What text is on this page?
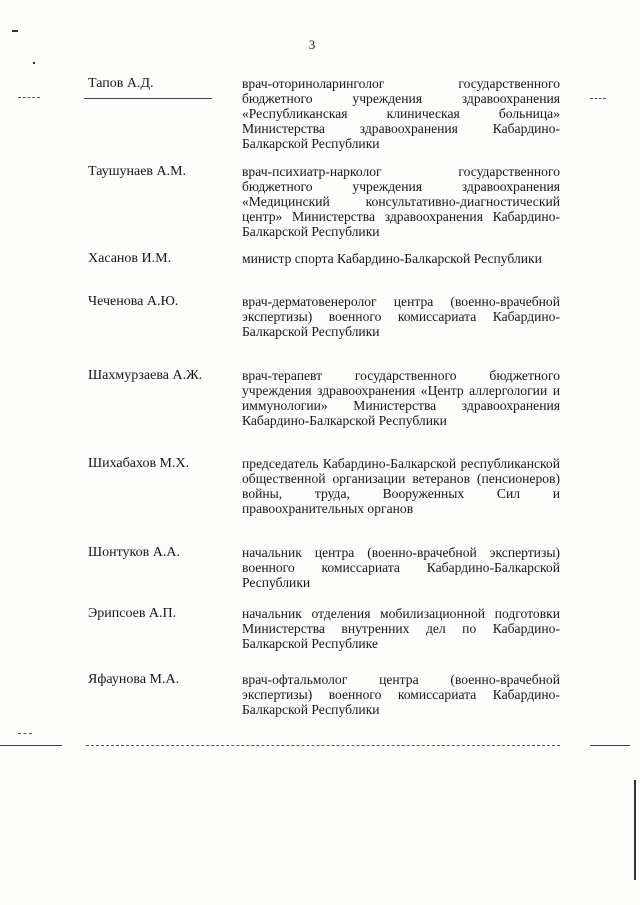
3
Тапов А.Д.	врач-оториноларинголог государственного бюджетного учреждения здравоохранения «Республиканская клиническая больница» Министерства здравоохранения Кабардино-Балкарской Республики
Таушунаев А.М.	врач-психиатр-нарколог государственного бюджетного учреждения здравоохранения «Медицинский консультативно-диагностический центр» Министерства здравоохранения Кабардино-Балкарской Республики
Хасанов И.М.	министр спорта Кабардино-Балкарской Республики
Чеченова А.Ю.	врач-дерматовенеролог центра (военно-врачебной экспертизы) военного комиссариата Кабардино-Балкарской Республики
Шахмурзаева А.Ж.	врач-терапевт государственного бюджетного учреждения здравоохранения «Центр аллергологии и иммунологии» Министерства здравоохранения Кабардино-Балкарской Республики
Шихабахов М.Х.	председатель Кабардино-Балкарской республиканской общественной организации ветеранов (пенсионеров) войны, труда, Вооруженных Сил и правоохранительных органов
Шонтуков А.А.	начальник центра (военно-врачебной экспертизы) военного комиссариата Кабардино-Балкарской Республики
Эрипсоев А.П.	начальник отделения мобилизационной подготовки Министерства внутренних дел по Кабардино-Балкарской Республике
Яфаунова М.А.	врач-офтальмолог центра (военно-врачебной экспертизы) военного комиссариата Кабардино-Балкарской Республики
